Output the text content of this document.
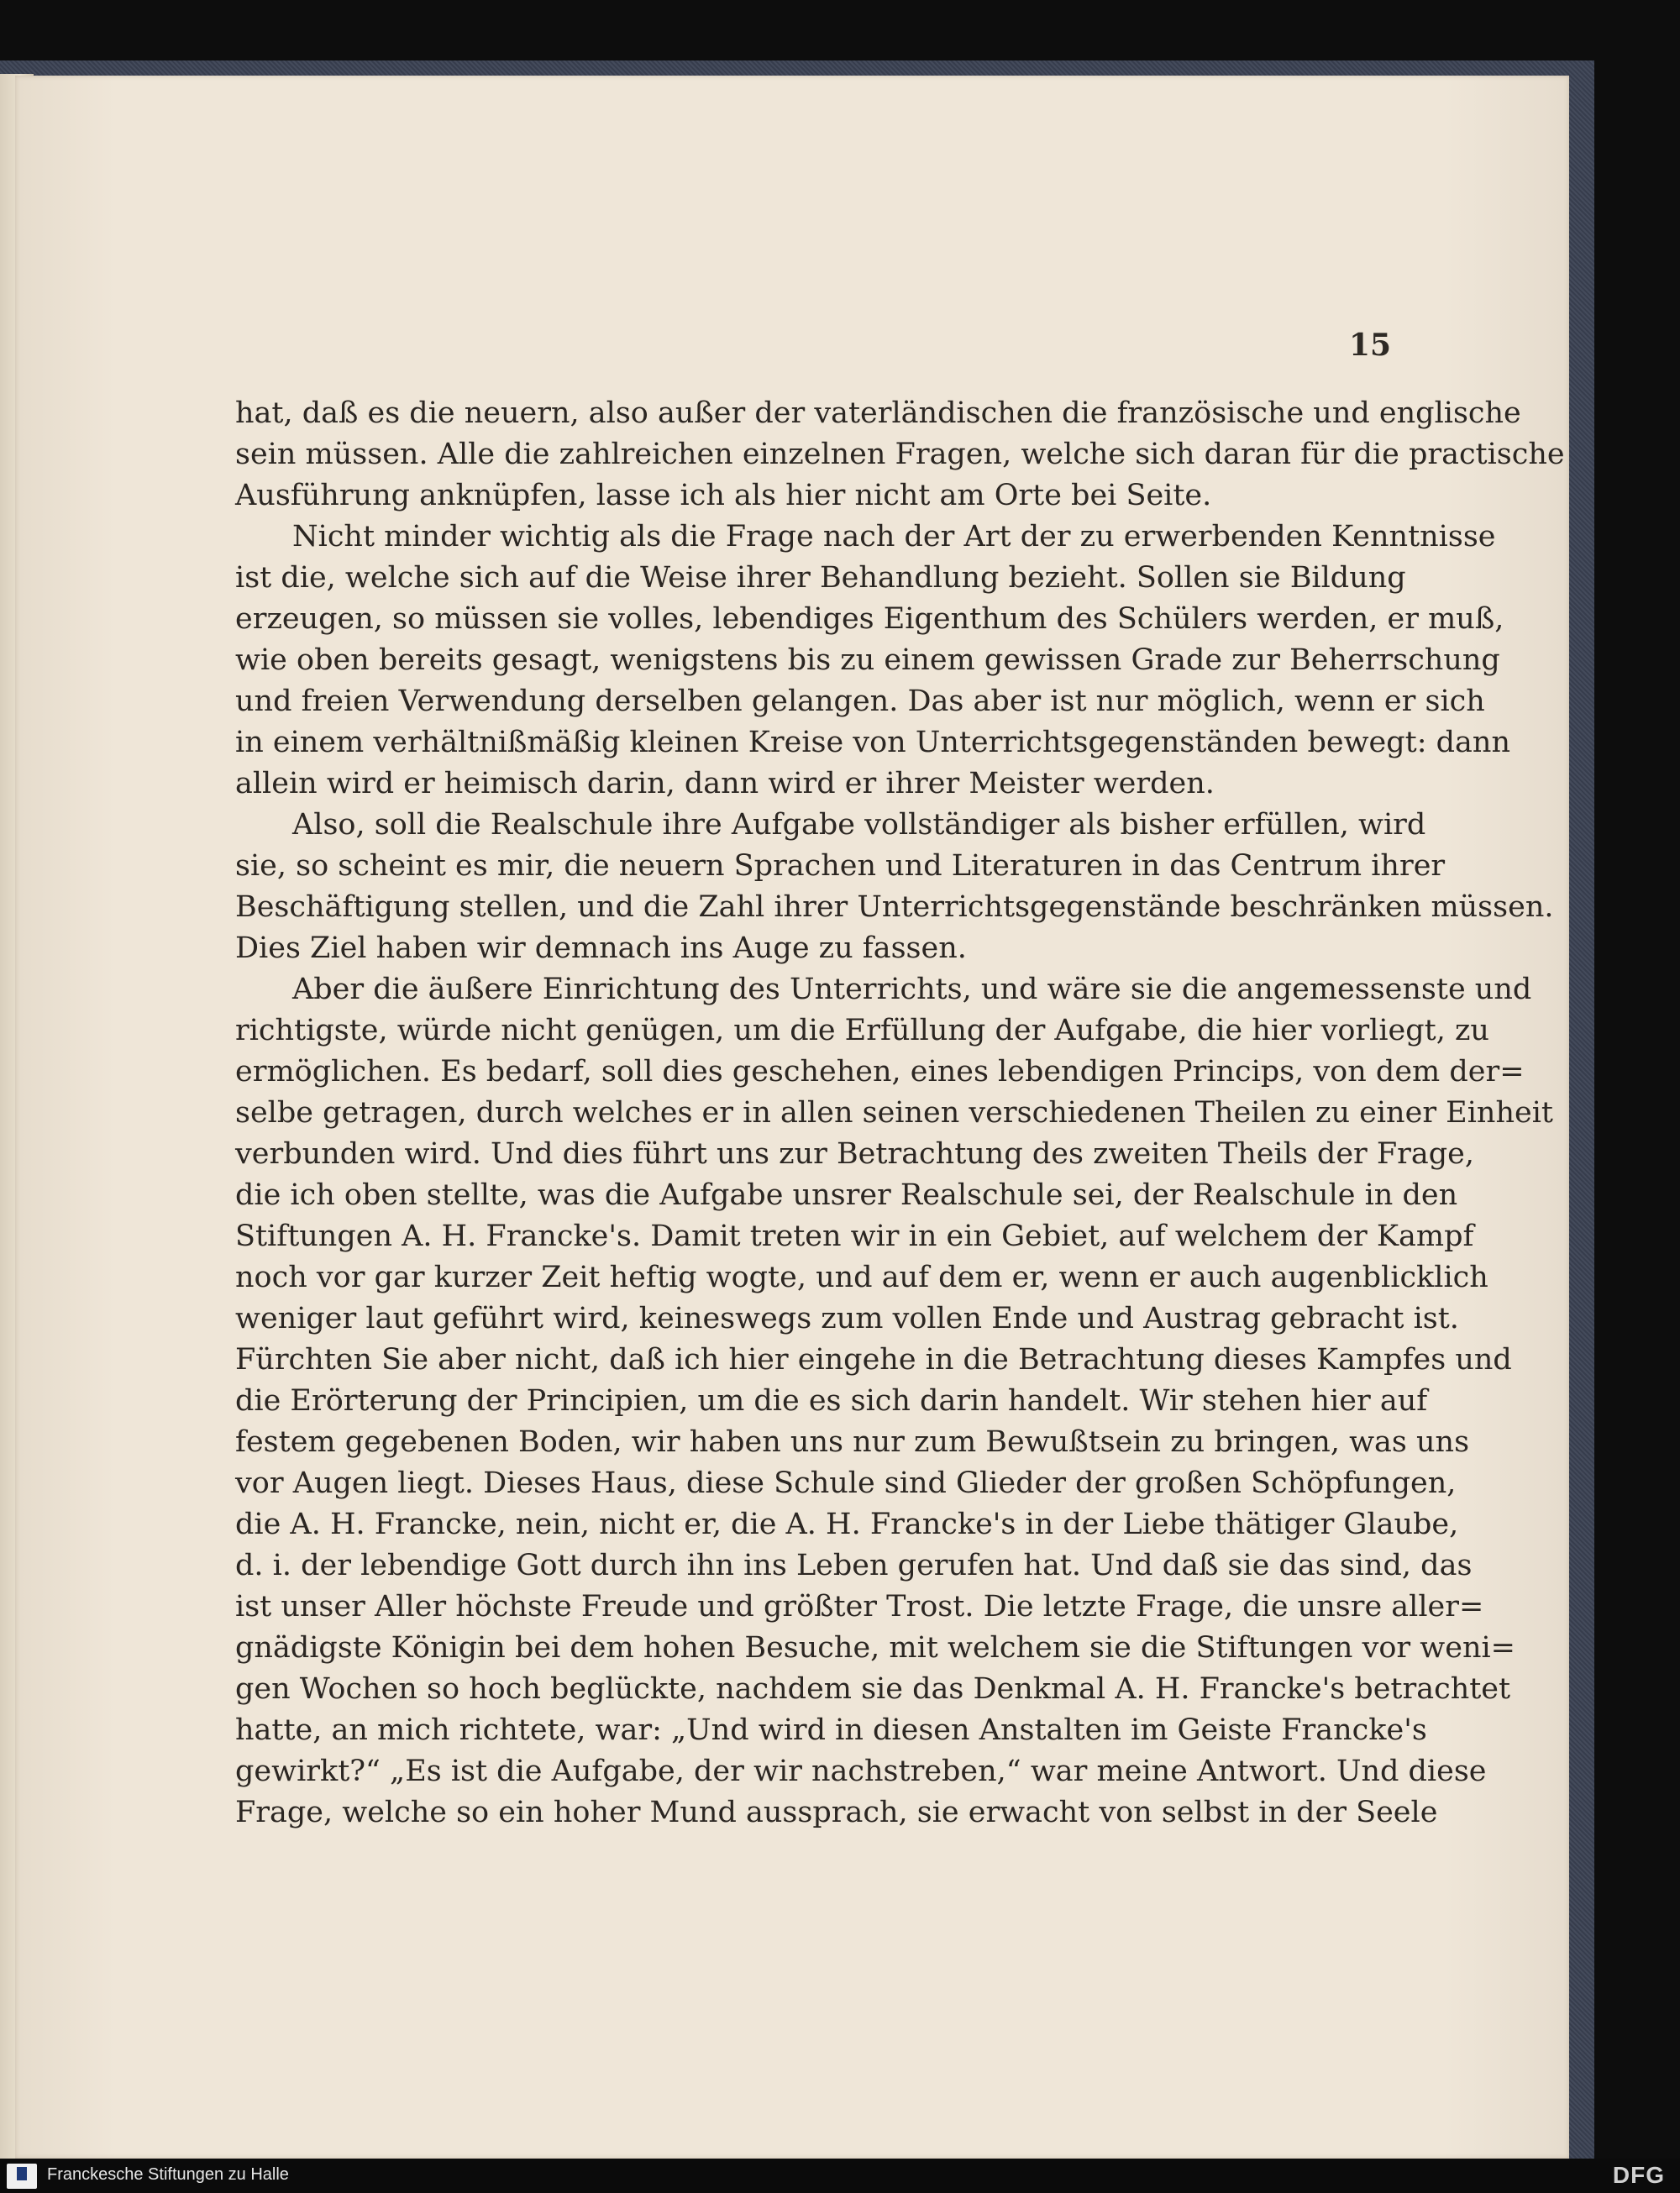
15
hat, daß es die neuern, also außer der vaterländischen die französische und englische
sein müssen. Alle die zahlreichen einzelnen Fragen, welche sich daran für die practische
Ausführung anknüpfen, lasse ich als hier nicht am Orte bei Seite.
Nicht minder wichtig als die Frage nach der Art der zu erwerbenden Kenntnisse
ist die, welche sich auf die Weise ihrer Behandlung bezieht. Sollen sie Bildung
erzeugen, so müssen sie volles, lebendiges Eigenthum des Schülers werden, er muß,
wie oben bereits gesagt, wenigstens bis zu einem gewissen Grade zur Beherrschung
und freien Verwendung derselben gelangen. Das aber ist nur möglich, wenn er sich
in einem verhältnißmäßig kleinen Kreise von Unterrichtsgegenständen bewegt: dann
allein wird er heimisch darin, dann wird er ihrer Meister werden.
Also, soll die Realschule ihre Aufgabe vollständiger als bisher erfüllen, wird
sie, so scheint es mir, die neuern Sprachen und Literaturen in das Centrum ihrer
Beschäftigung stellen, und die Zahl ihrer Unterrichtsgegenstände beschränken müssen.
Dies Ziel haben wir demnach ins Auge zu fassen.
Aber die äußere Einrichtung des Unterrichts, und wäre sie die angemessenste und
richtigste, würde nicht genügen, um die Erfüllung der Aufgabe, die hier vorliegt, zu
ermöglichen. Es bedarf, soll dies geschehen, eines lebendigen Princips, von dem der=
selbe getragen, durch welches er in allen seinen verschiedenen Theilen zu einer Einheit
verbunden wird. Und dies führt uns zur Betrachtung des zweiten Theils der Frage,
die ich oben stellte, was die Aufgabe unsrer Realschule sei, der Realschule in den
Stiftungen A. H. Francke's. Damit treten wir in ein Gebiet, auf welchem der Kampf
noch vor gar kurzer Zeit heftig wogte, und auf dem er, wenn er auch augenblicklich
weniger laut geführt wird, keineswegs zum vollen Ende und Austrag gebracht ist.
Fürchten Sie aber nicht, daß ich hier eingehe in die Betrachtung dieses Kampfes und
die Erörterung der Principien, um die es sich darin handelt. Wir stehen hier auf
festem gegebenen Boden, wir haben uns nur zum Bewußtsein zu bringen, was uns
vor Augen liegt. Dieses Haus, diese Schule sind Glieder der großen Schöpfungen,
die A. H. Francke, nein, nicht er, die A. H. Francke's in der Liebe thätiger Glaube,
d. i. der lebendige Gott durch ihn ins Leben gerufen hat. Und daß sie das sind, das
ist unser Aller höchste Freude und größter Trost. Die letzte Frage, die unsre aller=
gnädigste Königin bei dem hohen Besuche, mit welchem sie die Stiftungen vor weni=
gen Wochen so hoch beglückte, nachdem sie das Denkmal A. H. Francke's betrachtet
hatte, an mich richtete, war: „Und wird in diesen Anstalten im Geiste Francke's
gewirkt?“ „Es ist die Aufgabe, der wir nachstreben,“ war meine Antwort. Und diese
Frage, welche so ein hoher Mund aussprach, sie erwacht von selbst in der Seele
Franckesche Stiftungen zu Halle	DFG
